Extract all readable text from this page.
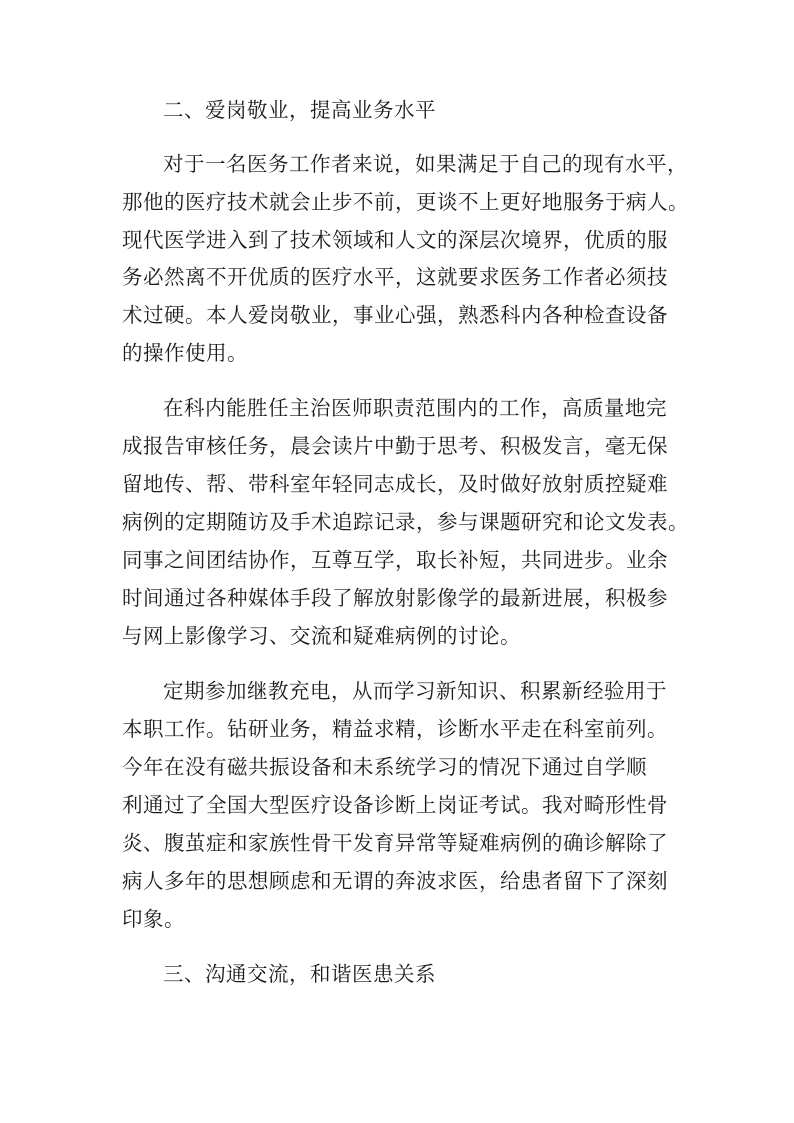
二、爱岗敬业，提高业务水平
对于一名医务工作者来说，如果满足于自己的现有水平，
那他的医疗技术就会止步不前，更谈不上更好地服务于病人。
现代医学进入到了技术领域和人文的深层次境界，优质的服
务必然离不开优质的医疗水平，这就要求医务工作者必须技
术过硬。本人爱岗敬业，事业心强，熟悉科内各种检查设备
的操作使用。
在科内能胜任主治医师职责范围内的工作，高质量地完
成报告审核任务，晨会读片中勤于思考、积极发言，毫无保
留地传、帮、带科室年轻同志成长，及时做好放射质控疑难
病例的定期随访及手术追踪记录，参与课题研究和论文发表。
同事之间团结协作，互尊互学，取长补短，共同进步。业余
时间通过各种媒体手段了解放射影像学的最新进展，积极参
与网上影像学习、交流和疑难病例的讨论。
定期参加继教充电，从而学习新知识、积累新经验用于
本职工作。钻研业务，精益求精，诊断水平走在科室前列。
今年在没有磁共振设备和未系统学习的情况下通过自学顺
利通过了全国大型医疗设备诊断上岗证考试。我对畸形性骨
炎、腹茧症和家族性骨干发育异常等疑难病例的确诊解除了
病人多年的思想顾虑和无谓的奔波求医，给患者留下了深刻
印象。
三、沟通交流，和谐医患关系
